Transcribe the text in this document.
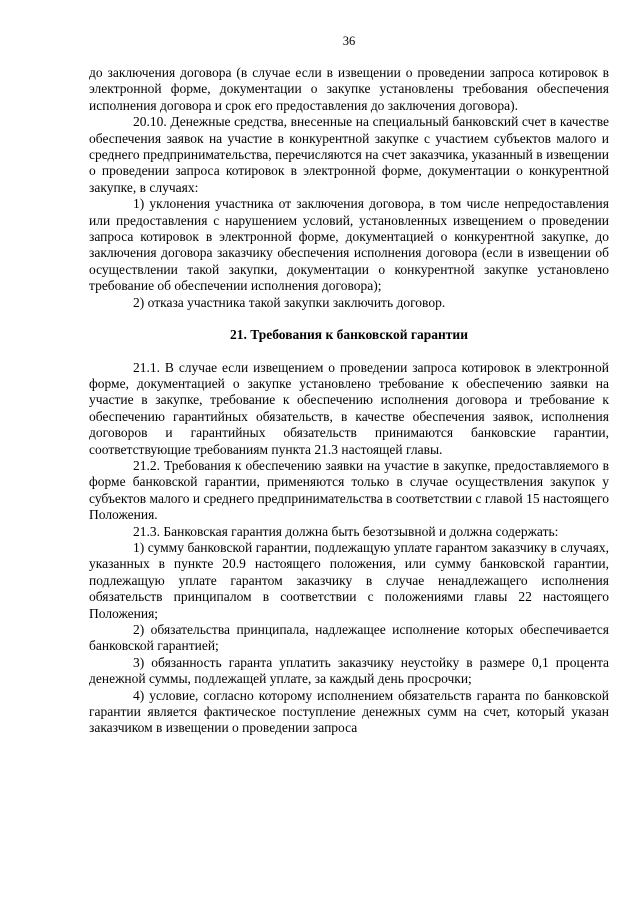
36

до заключения договора (в случае если в извещении о проведении запроса котировок в электронной форме, документации о закупке установлены требования обеспечения исполнения договора и срок его предоставления до заключения договора).

20.10. Денежные средства, внесенные на специальный банковский счет в качестве обеспечения заявок на участие в конкурентной закупке с участием субъектов малого и среднего предпринимательства, перечисляются на счет заказчика, указанный в извещении о проведении запроса котировок в электронной форме, документации о конкурентной закупке, в случаях:

1) уклонения участника от заключения договора, в том числе непредоставления или предоставления с нарушением условий, установленных извещением о проведении запроса котировок в электронной форме, документацией о конкурентной закупке, до заключения договора заказчику обеспечения исполнения договора (если в извещении об осуществлении такой закупки, документации о конкурентной закупке установлено требование об обеспечении исполнения договора);

2) отказа участника такой закупки заключить договор.

21. Требования к банковской гарантии

21.1. В случае если извещением о проведении запроса котировок в электронной форме, документацией о закупке установлено требование к обеспечению заявки на участие в закупке, требование к обеспечению исполнения договора и требование к обеспечению гарантийных обязательств, в качестве обеспечения заявок, исполнения договоров и гарантийных обязательств принимаются банковские гарантии, соответствующие требованиям пункта 21.3 настоящей главы.

21.2. Требования к обеспечению заявки на участие в закупке, предоставляемого в форме банковской гарантии, применяются только в случае осуществления закупок у субъектов малого и среднего предпринимательства в соответствии с главой 15 настоящего Положения.

21.3. Банковская гарантия должна быть безотзывной и должна содержать:

1) сумму банковской гарантии, подлежащую уплате гарантом заказчику в случаях, указанных в пункте 20.9 настоящего положения, или сумму банковской гарантии, подлежащую уплате гарантом заказчику в случае ненадлежащего исполнения обязательств принципалом в соответствии с положениями главы 22 настоящего Положения;

2) обязательства принципала, надлежащее исполнение которых обеспечивается банковской гарантией;

3) обязанность гаранта уплатить заказчику неустойку в размере 0,1 процента денежной суммы, подлежащей уплате, за каждый день просрочки;

4) условие, согласно которому исполнением обязательств гаранта по банковской гарантии является фактическое поступление денежных сумм на счет, который указан заказчиком в извещении о проведении запроса
